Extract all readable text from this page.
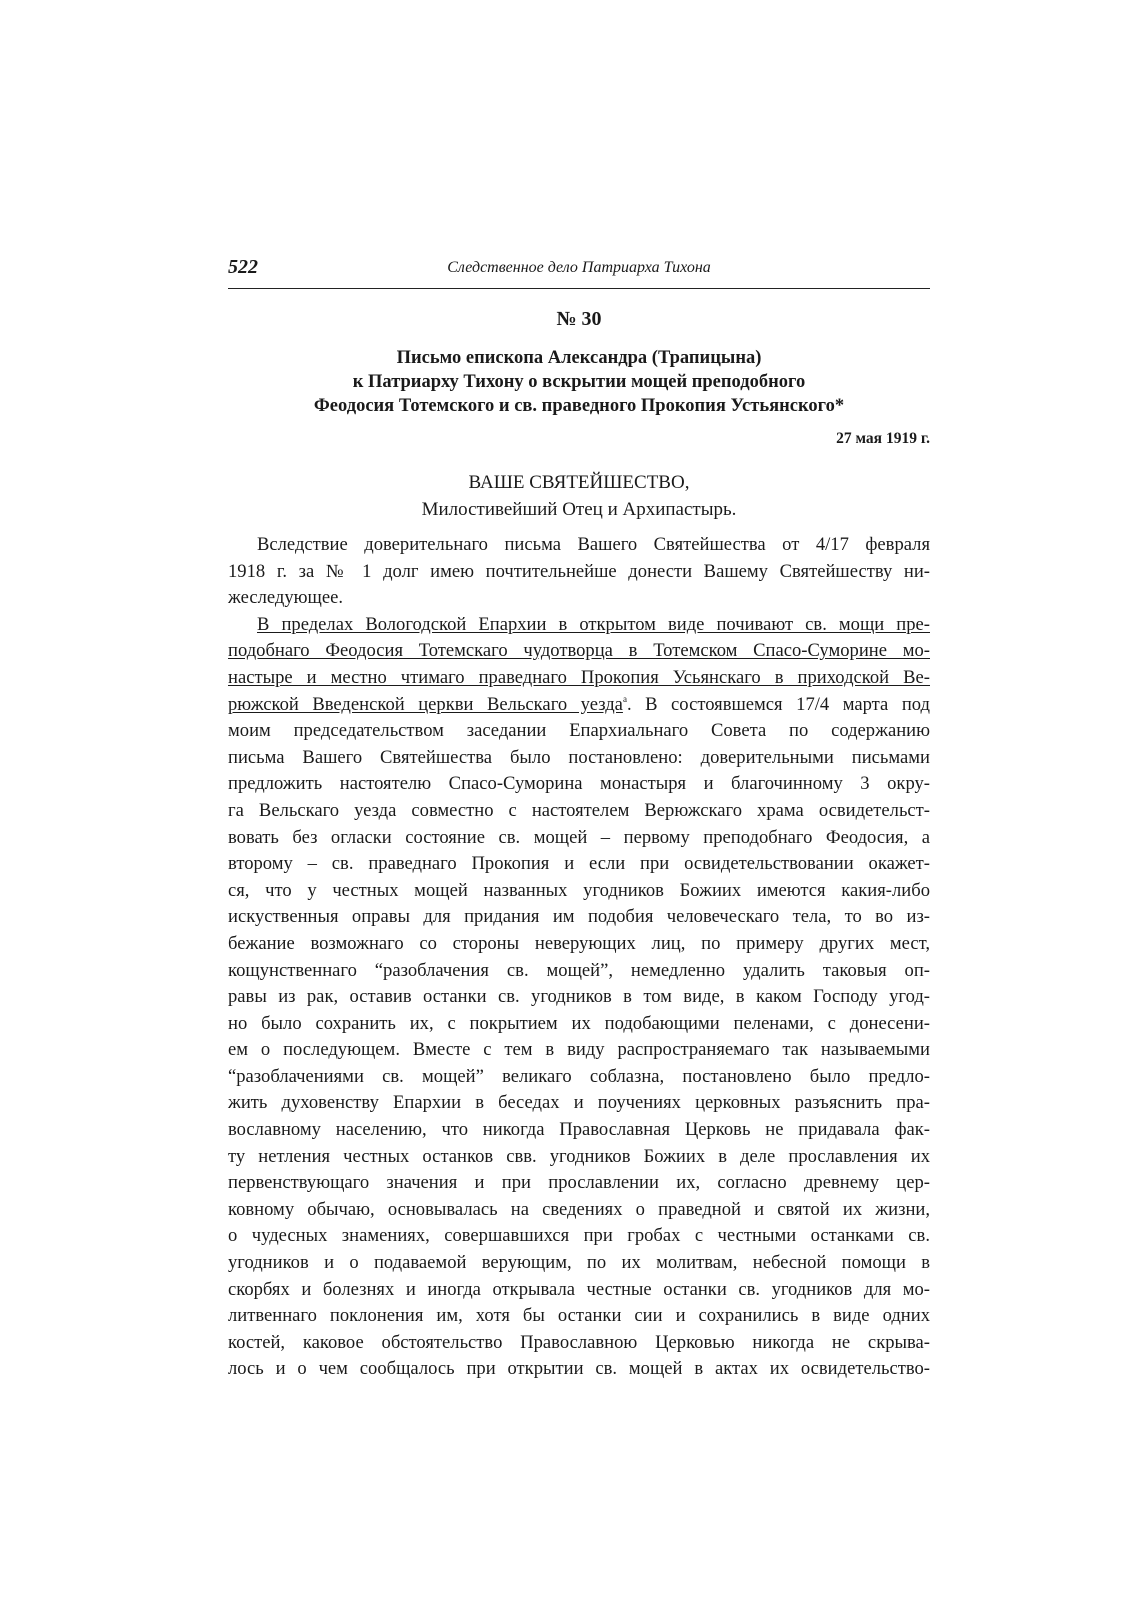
522	Следственное дело Патриарха Тихона
№ 30
Письмо епископа Александра (Трапицына)
к Патриарху Тихону о вскрытии мощей преподобного
Феодосия Тотемского и св. праведного Прокопия Устьянского*
27 мая 1919 г.
ВАШЕ СВЯТЕЙШЕСТВО,
Милостивейший Отец и Архипастырь.
Вследствие доверительнаго письма Вашего Святейшества от 4/17 февраля
1918 г. за № 1 долг имею почтительнейше донести Вашему Святейшеству ни-
жеследующее.
В пределах Вологодской Епархии в открытом виде почивают св. мощи пре-
подобнаго Феодосия Тотемскаго чудотворца в Тотемском Спасо-Суморине мо-
настыре и местно чтимаго праведнаго Прокопия Усьянскаго в приходской Ве-
рюжской Введенской церкви Вельскаго уезда$^а$. В состоявшемся 17/4 марта под
моим председательством заседании Епархиальнаго Совета по содержанию
письма Вашего Святейшества было постановлено: доверительными письмами
предложить настоятелю Спасо-Суморина монастыря и благочинному 3 окру-
га Вельскаго уезда совместно с настоятелем Верюжскаго храма освидетельст-
вовать без огласки состояние св. мощей – первому преподобнаго Феодосия, а
второму – св. праведнаго Прокопия и если при освидетельствовании окажет-
ся, что у честных мощей названных угодников Божиих имеются какия-либо
искуственныя оправы для придания им подобия человеческаго тела, то во из-
бежание возможнаго со стороны неверующих лиц, по примеру других мест,
кощунственнаго “разоблачения св. мощей”, немедленно удалить таковыя оп-
равы из рак, оставив останки св. угодников в том виде, в каком Господу угод-
но было сохранить их, с покрытием их подобающими пеленами, с донесени-
ем о последующем. Вместе с тем в виду распространяемаго так называемыми
“разоблачениями св. мощей” великаго соблазна, постановлено было предло-
жить духовенству Епархии в беседах и поучениях церковных разъяснить пра-
вославному населению, что никогда Православная Церковь не придавала фак-
ту нетления честных останков свв. угодников Божиих в деле прославления их
первенствующаго значения и при прославлении их, согласно древнему цер-
ковному обычаю, основывалась на сведениях о праведной и святой их жизни,
о чудесных знамениях, совершавшихся при гробах с честными останками св.
угодников и о подаваемой верующим, по их молитвам, небесной помощи в
скорбях и болезнях и иногда открывала честные останки св. угодников для мо-
литвеннаго поклонения им, хотя бы останки сии и сохранились в виде одних
костей, каковое обстоятельство Православною Церковью никогда не скрыва-
лось и о чем сообщалось при открытии св. мощей в актах их освидетельство-
